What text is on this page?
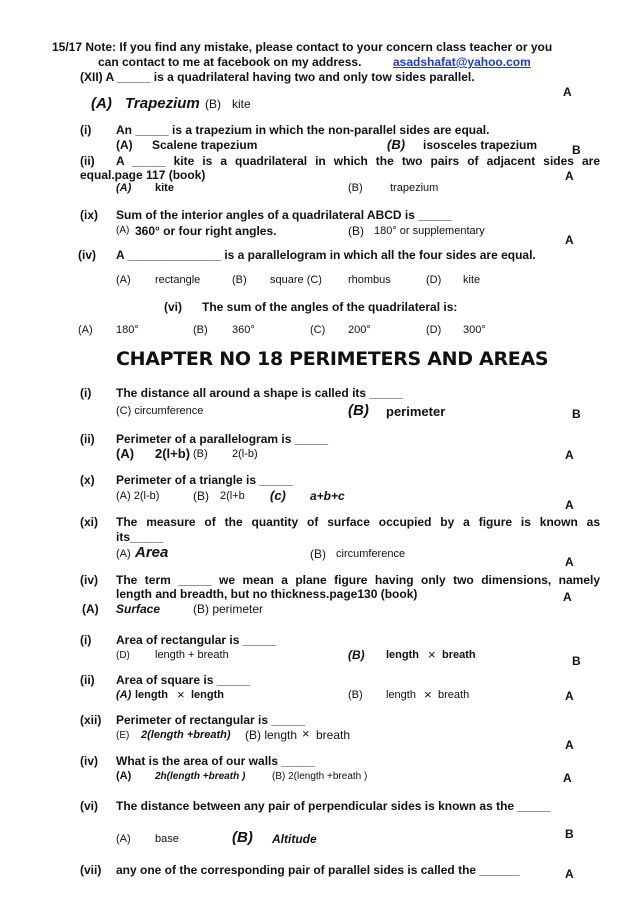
15/17 Note: If you find any mistake, please contact to your concern class teacher or you
can contact to me at facebook on my address.	asadshafat@yahoo.com
(XII) A _____ is a quadrilateral having two and only tow sides parallel.
A
(A) Trapezium (B) kite
(i) An _____ is a trapezium in which the non-parallel sides are equal.
(A) Scalene trapezium	(B) isosceles trapezium	B
(ii) A _____ kite is a quadrilateral in which the two pairs of adjacent sides are
equal.page 117 (book)	A
(A) kite	(B) trapezium
(ix) Sum of the interior angles of a quadrilateral ABCD is _____
(A) 360° or four right angles.	(B) 180° or supplementary
A
(iv) A ______________ is a parallelogram in which all the four sides are equal.
(A) rectangle	(B) square (C) rhombus	(D) kite
(vi) The sum of the angles of the quadrilateral is:
(A) 180°	(B) 360°	(C) 200°	(D) 300°
CHAPTER NO 18 PERIMETERS AND AREAS
(i) The distance all around a shape is called its _____
(C) circumference	(B) perimeter	B
(ii) Perimeter of a parallelogram is _____
(A) 2(l+b) (B) 2(l-b)	A
(x) Perimeter of a triangle is _____
(A) 2(l-b)	(B) 2(l+b (c) a+b+c
A
(xi) The measure of the quantity of surface occupied by a figure is known as
its_____
(A) Area	(B) circumference
A
(iv) The term _____ we mean a plane figure having only two dimensions, namely
length and breadth, but no thickness.page130 (book)	A
(A) Surface	(B) perimeter
(i) Area of rectangular is _____
(D) length + breath	(B) length × breath	B
(ii) Area of square is _____
(A) length × length	(B) length × breath	A
(xii) Perimeter of rectangular is _____
(E) 2(length +breath) (B) length × breath
A
(iv) What is the area of our walls _____
(A) 2h(length +breath )	(B) 2(length +breath )	A
(vi) The distance between any pair of perpendicular sides is known as the _____
B
(A) base	(B) Altitude
(vii) any one of the corresponding pair of parallel sides is called the ______	A
